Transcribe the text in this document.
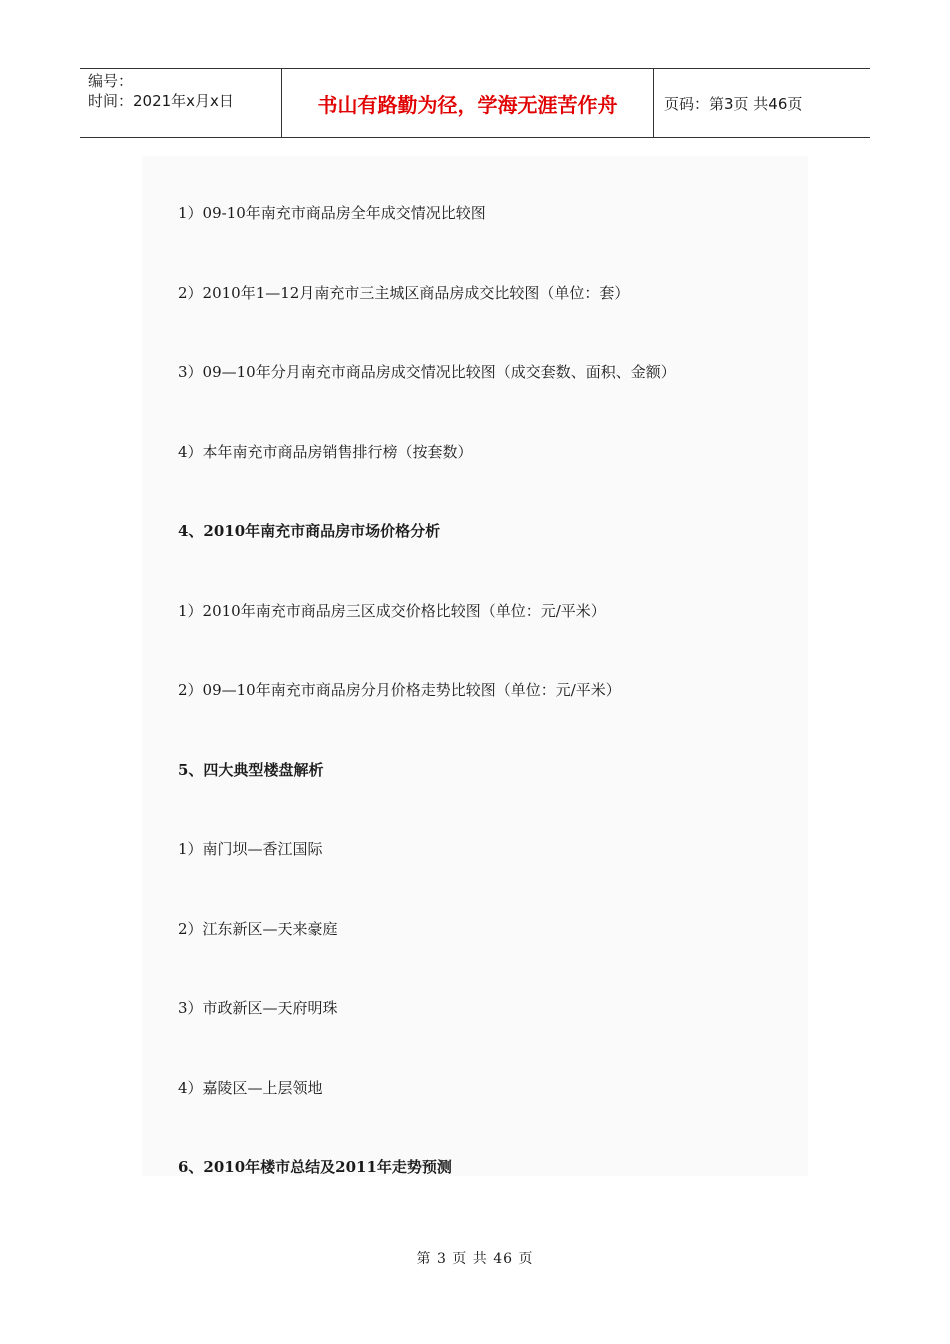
编号：
时间：2021年x月x日	书山有路勤为径，学海无涯苦作舟	页码：第3页 共46页
1）09-10年南充市商品房全年成交情况比较图
2）2010年1—12月南充市三主城区商品房成交比较图（单位：套）
3）09—10年分月南充市商品房成交情况比较图（成交套数、面积、金额）
4）本年南充市商品房销售排行榜（按套数）
4、2010年南充市商品房市场价格分析
1）2010年南充市商品房三区成交价格比较图（单位：元/平米）
2）09—10年南充市商品房分月价格走势比较图（单位：元/平米）
5、四大典型楼盘解析
1）南门坝—香江国际
2）江东新区—天来豪庭
3）市政新区—天府明珠
4）嘉陵区—上层领地
6、2010年楼市总结及2011年走势预测
第 3 页 共 46 页
